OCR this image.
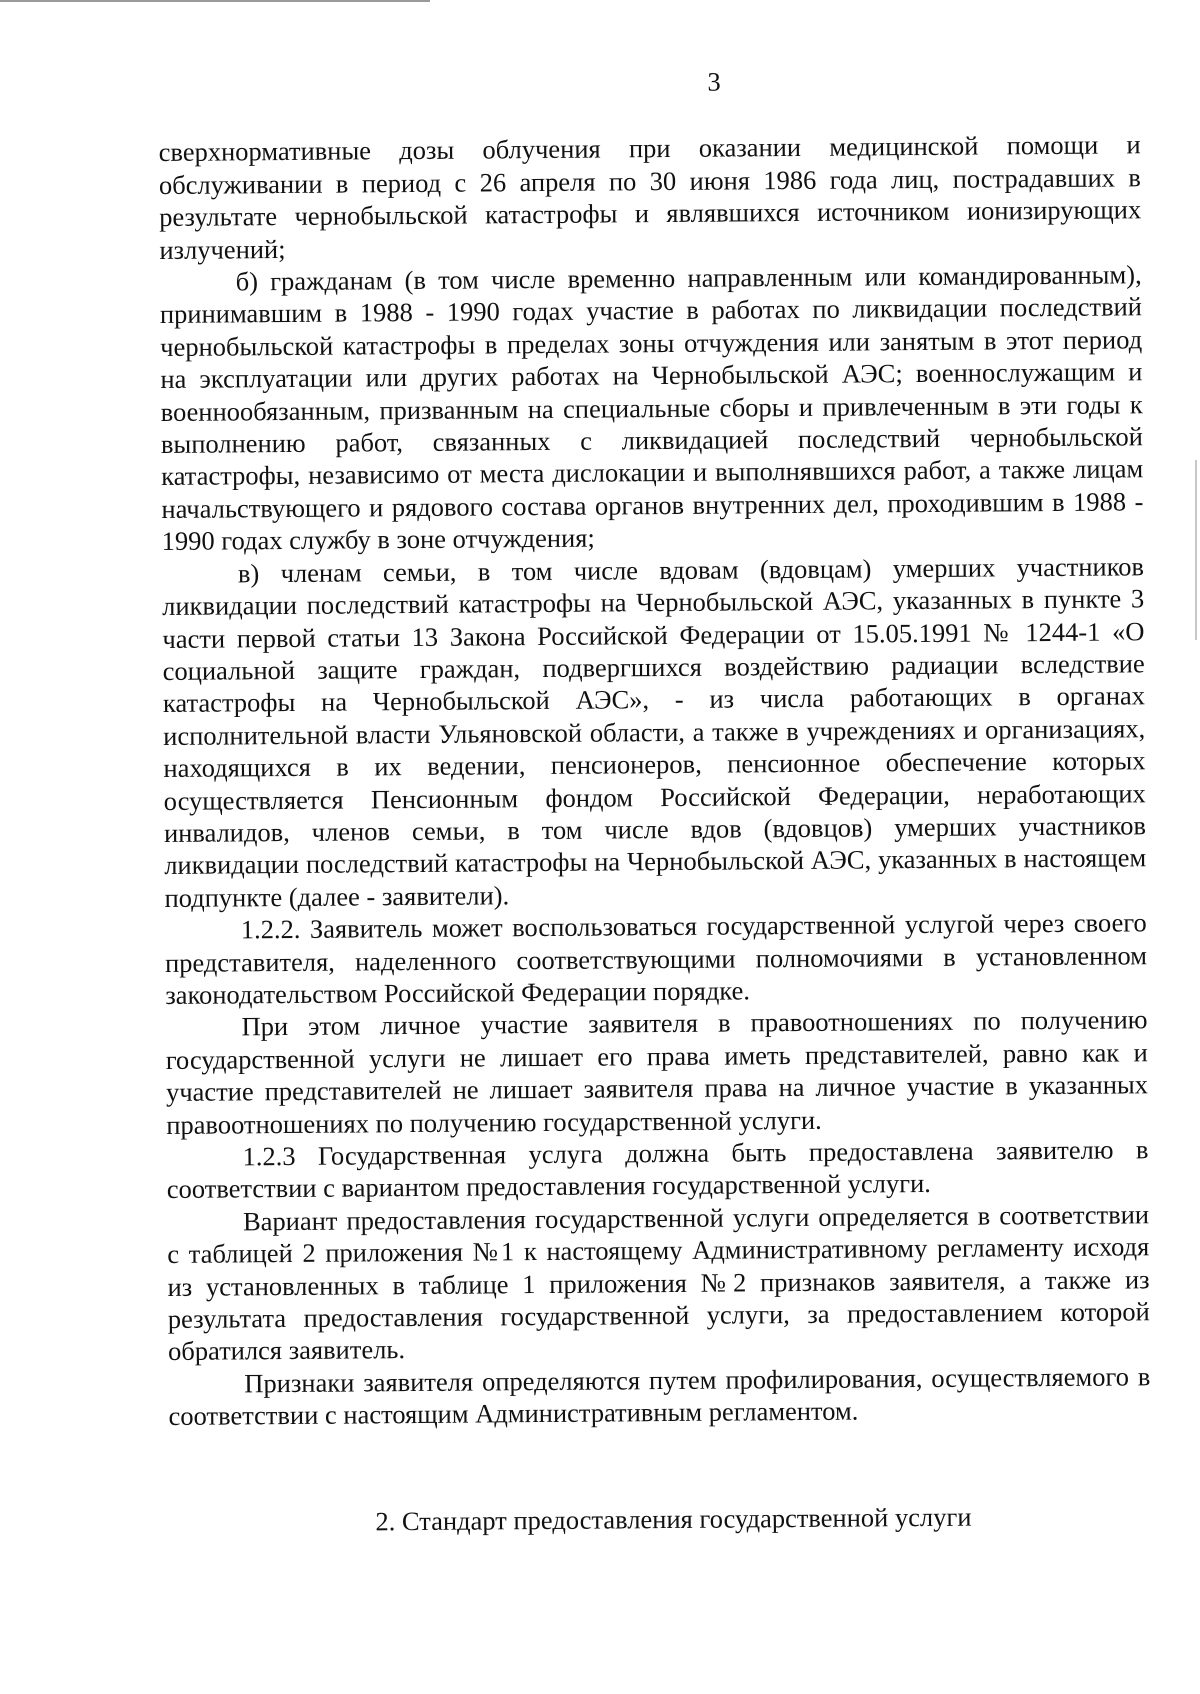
3

сверхнормативные дозы облучения при оказании медицинской помощи и обслуживании в период с 26 апреля по 30 июня 1986 года лиц, пострадавших в результате чернобыльской катастрофы и являвшихся источником ионизирующих излучений;

б) гражданам (в том числе временно направленным или командированным), принимавшим в 1988 - 1990 годах участие в работах по ликвидации последствий чернобыльской катастрофы в пределах зоны отчуждения или занятым в этот период на эксплуатации или других работах на Чернобыльской АЭС; военнослужащим и военнообязанным, призванным на специальные сборы и привлеченным в эти годы к выполнению работ, связанных с ликвидацией последствий чернобыльской катастрофы, независимо от места дислокации и выполнявшихся работ, а также лицам начальствующего и рядового состава органов внутренних дел, проходившим в 1988 - 1990 годах службу в зоне отчуждения;

в) членам семьи, в том числе вдовам (вдовцам) умерших участников ликвидации последствий катастрофы на Чернобыльской АЭС, указанных в пункте 3 части первой статьи 13 Закона Российской Федерации от 15.05.1991 № 1244-1 «О социальной защите граждан, подвергшихся воздействию радиации вследствие катастрофы на Чернобыльской АЭС», - из числа работающих в органах исполнительной власти Ульяновской области, а также в учреждениях и организациях, находящихся в их ведении, пенсионеров, пенсионное обеспечение которых осуществляется Пенсионным фондом Российской Федерации, неработающих инвалидов, членов семьи, в том числе вдов (вдовцов) умерших участников ликвидации последствий катастрофы на Чернобыльской АЭС, указанных в настоящем подпункте (далее - заявители).

1.2.2. Заявитель может воспользоваться государственной услугой через своего представителя, наделенного соответствующими полномочиями в установленном законодательством Российской Федерации порядке.

При этом личное участие заявителя в правоотношениях по получению государственной услуги не лишает его права иметь представителей, равно как и участие представителей не лишает заявителя права на личное участие в указанных правоотношениях по получению государственной услуги.

1.2.3 Государственная услуга должна быть предоставлена заявителю в соответствии с вариантом предоставления государственной услуги.

Вариант предоставления государственной услуги определяется в соответствии с таблицей 2 приложения №1 к настоящему Административному регламенту исходя из установленных в таблице 1 приложения №2 признаков заявителя, а также из результата предоставления государственной услуги, за предоставлением которой обратился заявитель.

Признаки заявителя определяются путем профилирования, осуществляемого в соответствии с настоящим Административным регламентом.

2. Стандарт предоставления государственной услуги
